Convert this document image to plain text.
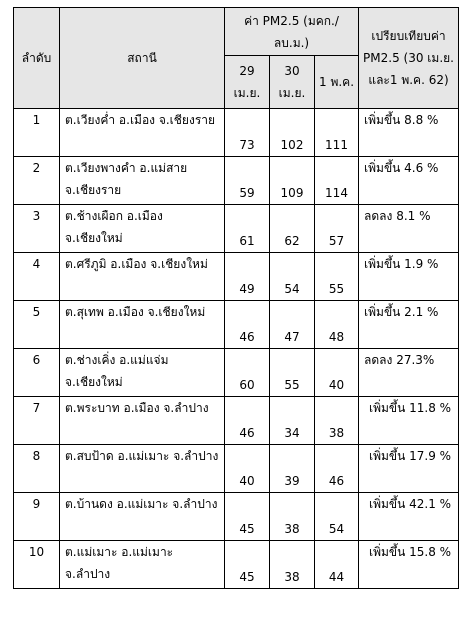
ลำดับ	สถานี	ค่า PM2.5 (มคก./ลบ.ม.)			เปรียบเทียบค่า PM2.5 (30 เม.ย. และ1 พ.ค. 62)
		29 เม.ย.	30 เม.ย.	1 พ.ค.	
1	ต.เวียงค่ำ อ.เมือง จ.เชียงราย	73	102	111	เพิ่มขึ้น 8.8 %
2	ต.เวียงพางคำ อ.แม่สาย จ.เชียงราย	59	109	114	เพิ่มขึ้น 4.6 %
3	ต.ช้างเผือก อ.เมือง จ.เชียงใหม่	61	62	57	ลดลง 8.1 %
4	ต.ศรีภูมิ อ.เมือง จ.เชียงใหม่	49	54	55	เพิ่มขึ้น 1.9 %
5	ต.สุเทพ อ.เมือง จ.เชียงใหม่	46	47	48	เพิ่มขึ้น 2.1 %
6	ต.ช่างเคิ่ง อ.แม่แจ่ม จ.เชียงใหม่	60	55	40	ลดลง 27.3%
7	ต.พระบาท อ.เมือง จ.ลำปาง	46	34	38	เพิ่มขึ้น 11.8 %
8	ต.สบป้าด อ.แม่เมาะ จ.ลำปาง	40	39	46	เพิ่มขึ้น 17.9 %
9	ต.บ้านดง อ.แม่เมาะ จ.ลำปาง	45	38	54	เพิ่มขึ้น 42.1 %
10	ต.แม่เมาะ อ.แม่เมาะ จ.ลำปาง	45	38	44	เพิ่มขึ้น 15.8 %
